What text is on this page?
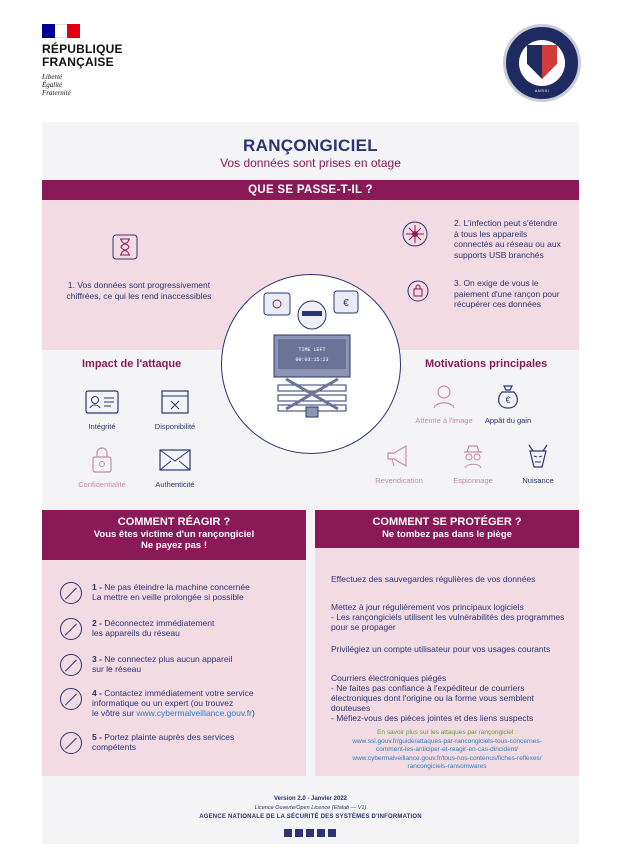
RÉPUBLIQUE
FRANÇAISE
Liberté
Égalité
Fraternité	ANSSI
RANÇONGICIEL
Vos données sont prises en otage
QUE SE PASSE-T-IL ?
1. Vos données sont progressivement chiffrées, ce qui les rend inaccessibles
2. L'infection peut s'étendre à tous les appareils connectés au réseau ou aux supports USB branchés
3. On exige de vous le paiement d'une rançon pour récupérer ces données
€
TIME LEFT
00:03:15:23
Impact de l'attaque	Motivations principales
Intégrité	Disponibilité
Confidentialité	Authenticité
Atteinte à l'image
€
Appât du gain
Revendication	Espionnage	Nuisance
COMMENT RÉAGIR ?
Vous êtes victime d'un rançongiciel
Ne payez pas !
COMMENT SE PROTÉGER ?
Ne tombez pas dans le piège
1 - Ne pas éteindre la machine concernée
La mettre en veille prolongée si possible
2 - Déconnectez immédiatement
les appareils du réseau
3 - Ne connectez plus aucun appareil
sur le réseau
4 - Contactez immédiatement votre service
informatique ou un expert (ou trouvez
le vôtre sur www.cybermalveillance.gouv.fr)
5 - Portez plainte auprès des services
compétents
Effectuez des sauvegardes régulières de vos données
Mettez à jour régulièrement vos principaux logiciels
- Les rançongiciels utilisent les vulnérabilités des programmes pour se propager
Privilégiez un compte utilisateur pour vos usages courants
Courriers électroniques piégés
- Ne faites pas confiance à l'expéditeur de courriers électroniques dont l'origine ou la forme vous semblent douteuses
- Méfiez-vous des pièces jointes et des liens suspects
En savoir plus sur les attaques par rançongiciel :
www.ssi.gouv.fr/guide/attaques-par-rancongiciels-tous-concernes-
comment-les-anticiper-et-reagir-en-cas-dincident/
www.cybermalveillance.gouv.fr/tous-nos-contenus/fiches-reflexes/
rancongiciels-ransomwares
Version 2.0 - Janvier 2022
Licence Ouverte/Open Licence (Etalab — V1)
AGENCE NATIONALE DE LA SÉCURITÉ DES SYSTÈMES D'INFORMATION
